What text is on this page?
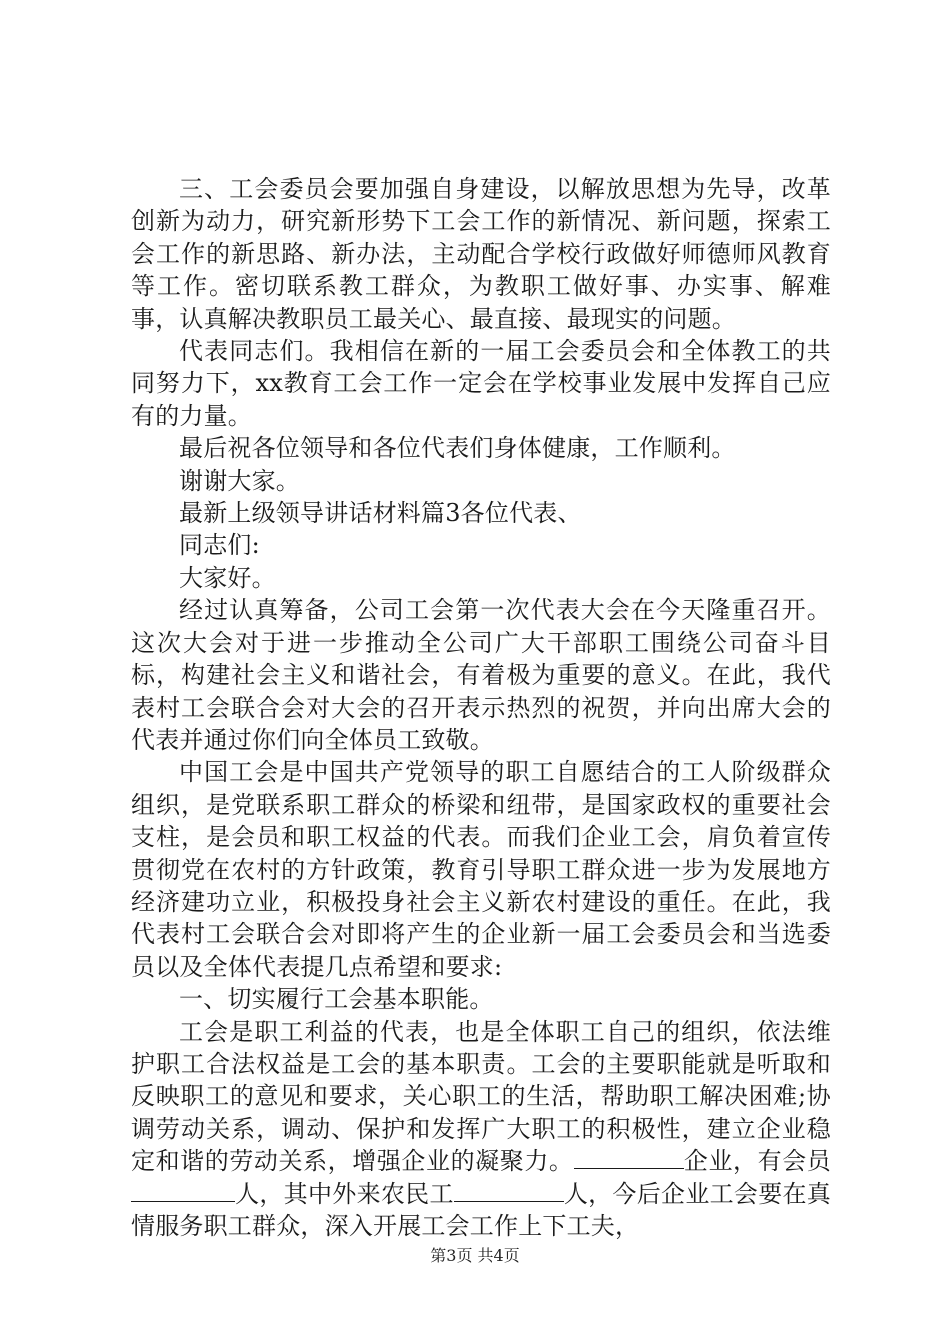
三、工会委员会要加强自身建设，以解放思想为先导，改革创新为动力，研究新形势下工会工作的新情况、新问题，探索工会工作的新思路、新办法，主动配合学校行政做好师德师风教育等工作。密切联系教工群众，为教职工做好事、办实事、解难事，认真解决教职员工最关心、最直接、最现实的问题。

代表同志们。我相信在新的一届工会委员会和全体教工的共同努力下，xx教育工会工作一定会在学校事业发展中发挥自己应有的力量。

最后祝各位领导和各位代表们身体健康，工作顺利。

谢谢大家。

最新上级领导讲话材料篇3各位代表、

同志们:

大家好。

经过认真筹备，公司工会第一次代表大会在今天隆重召开。这次大会对于进一步推动全公司广大干部职工围绕公司奋斗目标，构建社会主义和谐社会，有着极为重要的意义。在此，我代表村工会联合会对大会的召开表示热烈的祝贺，并向出席大会的代表并通过你们向全体员工致敬。

中国工会是中国共产党领导的职工自愿结合的工人阶级群众组织，是党联系职工群众的桥梁和纽带，是国家政权的重要社会支柱，是会员和职工权益的代表。而我们企业工会，肩负着宣传贯彻党在农村的方针政策，教育引导职工群众进一步为发展地方经济建功立业，积极投身社会主义新农村建设的重任。在此，我代表村工会联合会对即将产生的企业新一届工会委员会和当选委员以及全体代表提几点希望和要求:

一、切实履行工会基本职能。

工会是职工利益的代表，也是全体职工自己的组织，依法维护职工合法权益是工会的基本职责。工会的主要职能就是听取和反映职工的意见和要求，关心职工的生活，帮助职工解决困难;协调劳动关系，调动、保护和发挥广大职工的积极性，建立企业稳定和谐的劳动关系，增强企业的凝聚力。	企业，有会员人，其中外来农民工	人，今后企业工会要在真情服务职工群众，深入开展工会工作上下工夫，

第3页 共4页
